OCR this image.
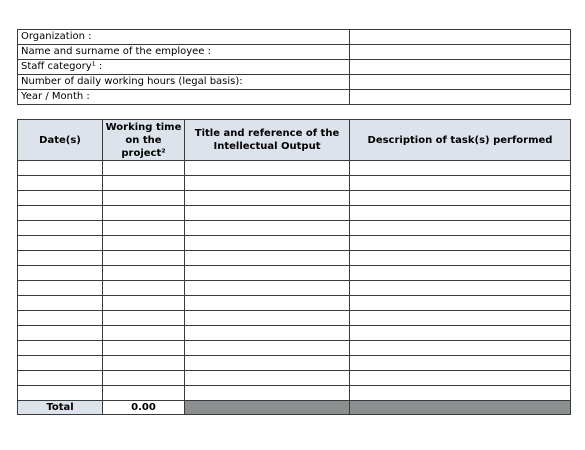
Organization :	
Name and surname of the employee :	
Staff category¹ :	
Number of daily working hours (legal basis):	
Year / Month :	
Date(s)	Working time on the project²	Title and reference of the Intellectual Output	Description of task(s) performed

Total	0.00		
